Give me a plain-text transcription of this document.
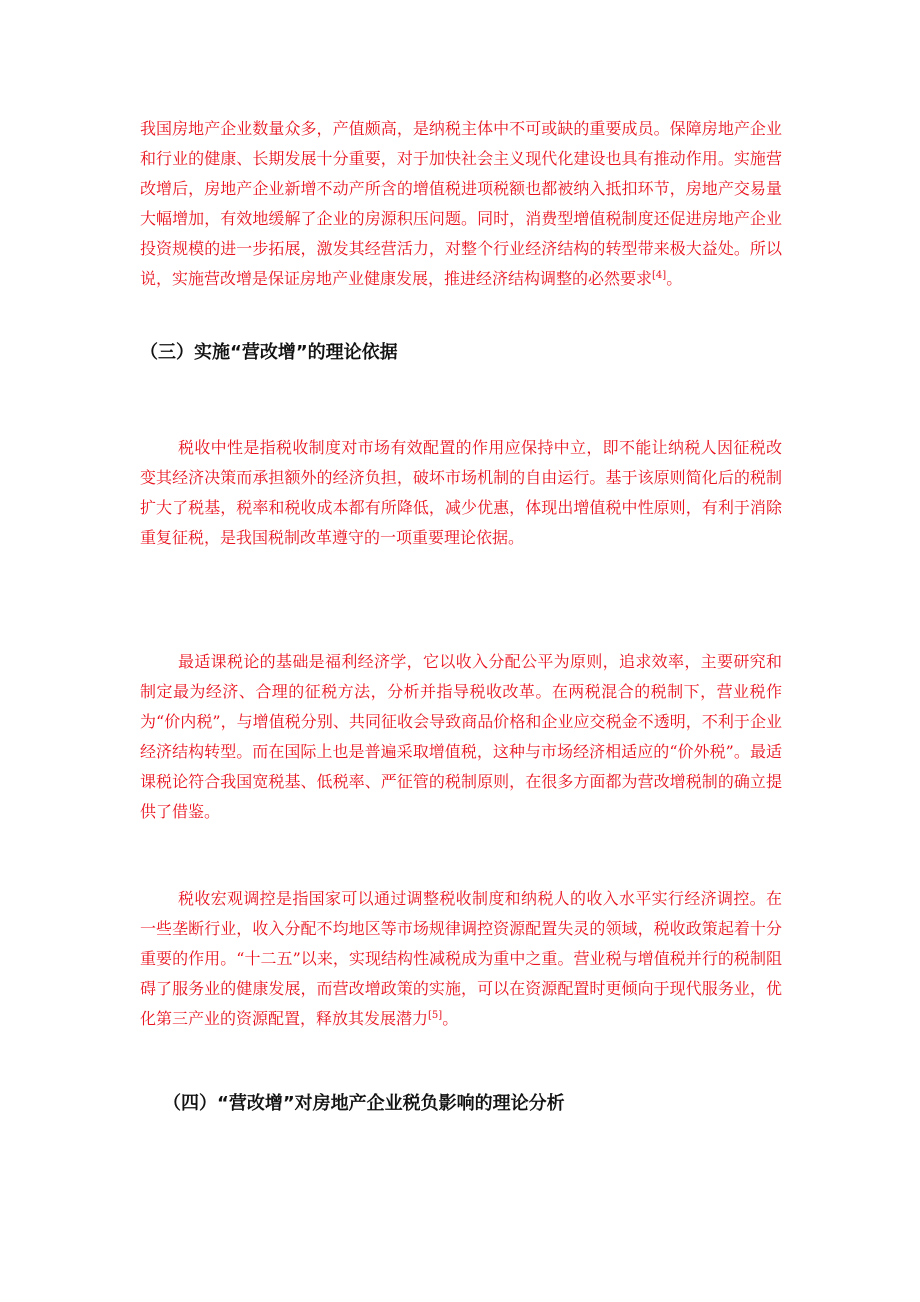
我国房地产企业数量众多，产值颇高，是纳税主体中不可或缺的重要成员。保障房地产企业和行业的健康、长期发展十分重要，对于加快社会主义现代化建设也具有推动作用。实施营改增后，房地产企业新增不动产所含的增值税进项税额也都被纳入抵扣环节，房地产交易量大幅增加，有效地缓解了企业的房源积压问题。同时，消费型增值税制度还促进房地产企业投资规模的进一步拓展，激发其经营活力，对整个行业经济结构的转型带来极大益处。所以说，实施营改增是保证房地产业健康发展，推进经济结构调整的必然要求[4]。

（三）实施“营改增”的理论依据

税收中性是指税收制度对市场有效配置的作用应保持中立，即不能让纳税人因征税改变其经济决策而承担额外的经济负担，破坏市场机制的自由运行。基于该原则简化后的税制扩大了税基，税率和税收成本都有所降低，减少优惠，体现出增值税中性原则，有利于消除重复征税，是我国税制改革遵守的一项重要理论依据。

最适课税论的基础是福利经济学，它以收入分配公平为原则，追求效率，主要研究和制定最为经济、合理的征税方法，分析并指导税收改革。在两税混合的税制下，营业税作为“价内税”，与增值税分别、共同征收会导致商品价格和企业应交税金不透明，不利于企业经济结构转型。而在国际上也是普遍采取增值税，这种与市场经济相适应的“价外税”。最适课税论符合我国宽税基、低税率、严征管的税制原则，在很多方面都为营改增税制的确立提供了借鉴。

税收宏观调控是指国家可以通过调整税收制度和纳税人的收入水平实行经济调控。在一些垄断行业，收入分配不均地区等市场规律调控资源配置失灵的领域，税收政策起着十分重要的作用。“十二五”以来，实现结构性减税成为重中之重。营业税与增值税并行的税制阻碍了服务业的健康发展，而营改增政策的实施，可以在资源配置时更倾向于现代服务业，优化第三产业的资源配置，释放其发展潜力[5]。

（四）“营改增”对房地产企业税负影响的理论分析
